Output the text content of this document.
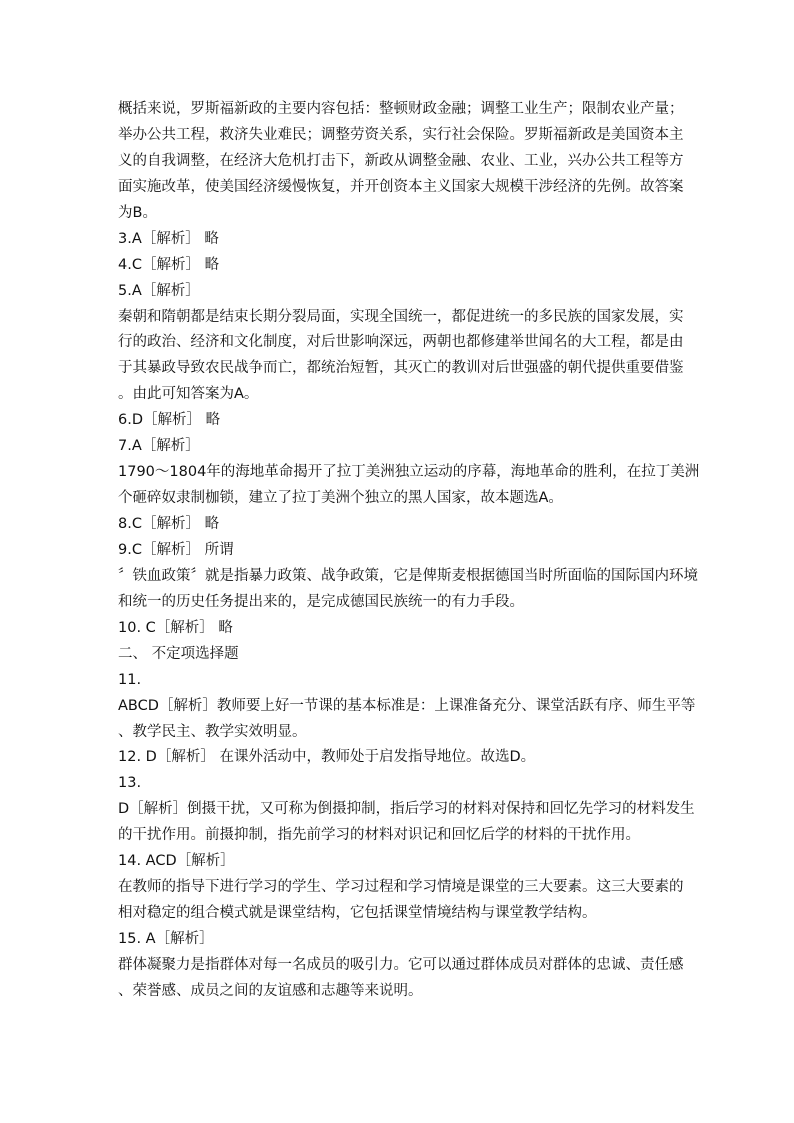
概括来说，罗斯福新政的主要内容包括：整顿财政金融；调整工业生产；限制农业产量；
举办公共工程，救济失业难民；调整劳资关系，实行社会保险。罗斯福新政是美国资本主
义的自我调整，在经济大危机打击下，新政从调整金融、农业、工业，兴办公共工程等方
面实施改革，使美国经济缓慢恢复，并开创资本主义国家大规模干涉经济的先例。故答案
为B。
3.A［解析］ 略
4.C［解析］ 略
5.A［解析］
秦朝和隋朝都是结束长期分裂局面，实现全国统一，都促进统一的多民族的国家发展，实
行的政治、经济和文化制度，对后世影响深远，两朝也都修建举世闻名的大工程，都是由
于其暴政导致农民战争而亡，都统治短暂，其灭亡的教训对后世强盛的朝代提供重要借鉴
。由此可知答案为A。
6.D［解析］ 略
7.A［解析］
1790～1804年的海地革命揭开了拉丁美洲独立运动的序幕，海地革命的胜利，在拉丁美洲
个砸碎奴隶制枷锁，建立了拉丁美洲个独立的黑人国家，故本题选A。
8.C［解析］ 略
9.C［解析］ 所谓
〞铁血政策〞就是指暴力政策、战争政策，它是俾斯麦根据德国当时所面临的国际国内环境
和统一的历史任务提出来的，是完成德国民族统一的有力手段。
10. C［解析］ 略
二、 不定项选择题
11.
ABCD［解析］教师要上好一节课的基本标准是：上课准备充分、课堂活跃有序、师生平等
、教学民主、教学实效明显。
12. D［解析］ 在课外活动中，教师处于启发指导地位。故选D。
13.
D［解析］倒摄干扰，又可称为倒摄抑制，指后学习的材料对保持和回忆先学习的材料发生
的干扰作用。前摄抑制，指先前学习的材料对识记和回忆后学的材料的干扰作用。
14. ACD［解析］
在教师的指导下进行学习的学生、学习过程和学习情境是课堂的三大要素。这三大要素的
相对稳定的组合模式就是课堂结构，它包括课堂情境结构与课堂教学结构。
15. A［解析］
群体凝聚力是指群体对每一名成员的吸引力。它可以通过群体成员对群体的忠诚、责任感
、荣誉感、成员之间的友谊感和志趣等来说明。
